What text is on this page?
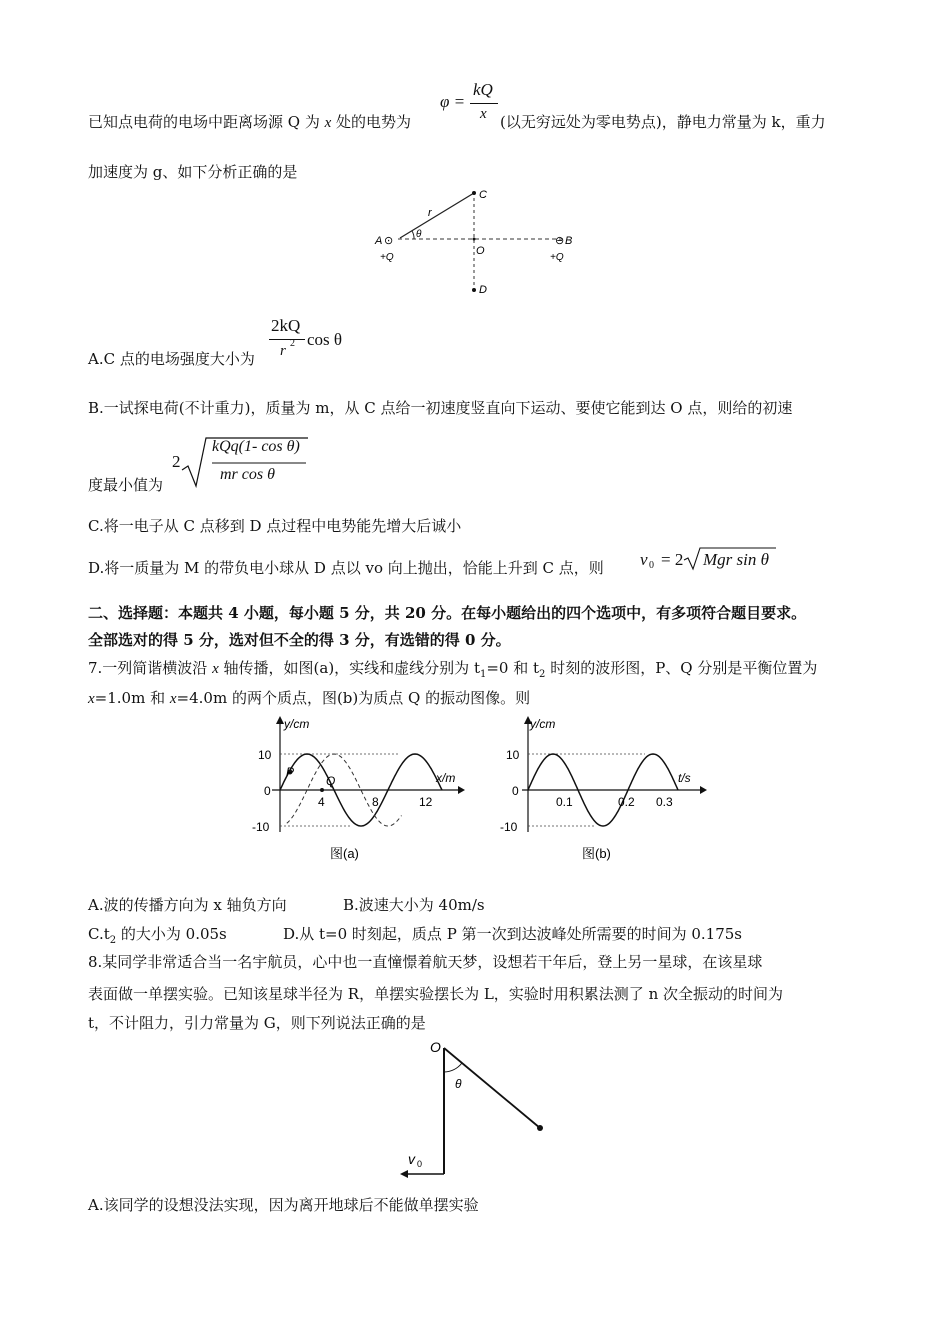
已知点电荷的电场中距离场源 Q 为 x 处的电势为
φ =
kQ
x (以无穷远处为零电势点)，静电力常量为 k，重力
加速度为 g、如下分析正确的是
C
r
A ⊙
θ
O
⊖ B
D
+Q	+Q
A.C 点的电场强度大小为
2kQ
r 2 cos θ
B.一试探电荷(不计重力)，质量为 m，从 C 点给一初速度竖直向下运动、要使它能到达 O 点，则给的初速
度最小值为
2
kQq(1- cos θ)
mr cos θ
C.将一电子从 C 点移到 D 点过程中电势能先增大后诚小
D.将一质量为 M 的带负电小球从 D 点以 vo 向上抛出，恰能上升到 C 点，则 v 0 = 2 Mgr sin θ
二、选择题：本题共 4 小题，每小题 5 分，共 20 分。在每小题给出的四个选项中，有多项符合题目要求。
全部选对的得 5 分，选对但不全的得 3 分，有选错的得 0 分。
7.一列简谐横波沿 x 轴传播，如图(a)，实线和虚线分别为 $t_1=0$ 和 $t_2$ 时刻的波形图，P、Q 分别是平衡位置为
x=1.0m 和 x=4.0m 的两个质点，图(b)为质点 Q 的振动图像。则
y/cm
x/m
10
0
-10
4	8	12
P
Q
图(a)
y/cm
t/s
10
0
-10
0.1	0.2 0.3
图(b)
A.波的传播方向为 x 轴负方向	B.波速大小为 40m/s
$C.t_2$ 的大小为 0.05s	D.从 t=0 时刻起，质点 P 第一次到达波峰处所需要的时间为 0.175s
8.某同学非常适合当一名宇航员，心中也一直憧憬着航天梦，设想若干年后，登上另一星球，在该星球
表面做一单摆实验。已知该星球半径为 R，单摆实验摆长为 L，实验时用积累法测了 n 次全振动的时间为
t，不计阻力，引力常量为 G，则下列说法正确的是
O
θ
v 0
A.该同学的设想没法实现，因为离开地球后不能做单摆实验
